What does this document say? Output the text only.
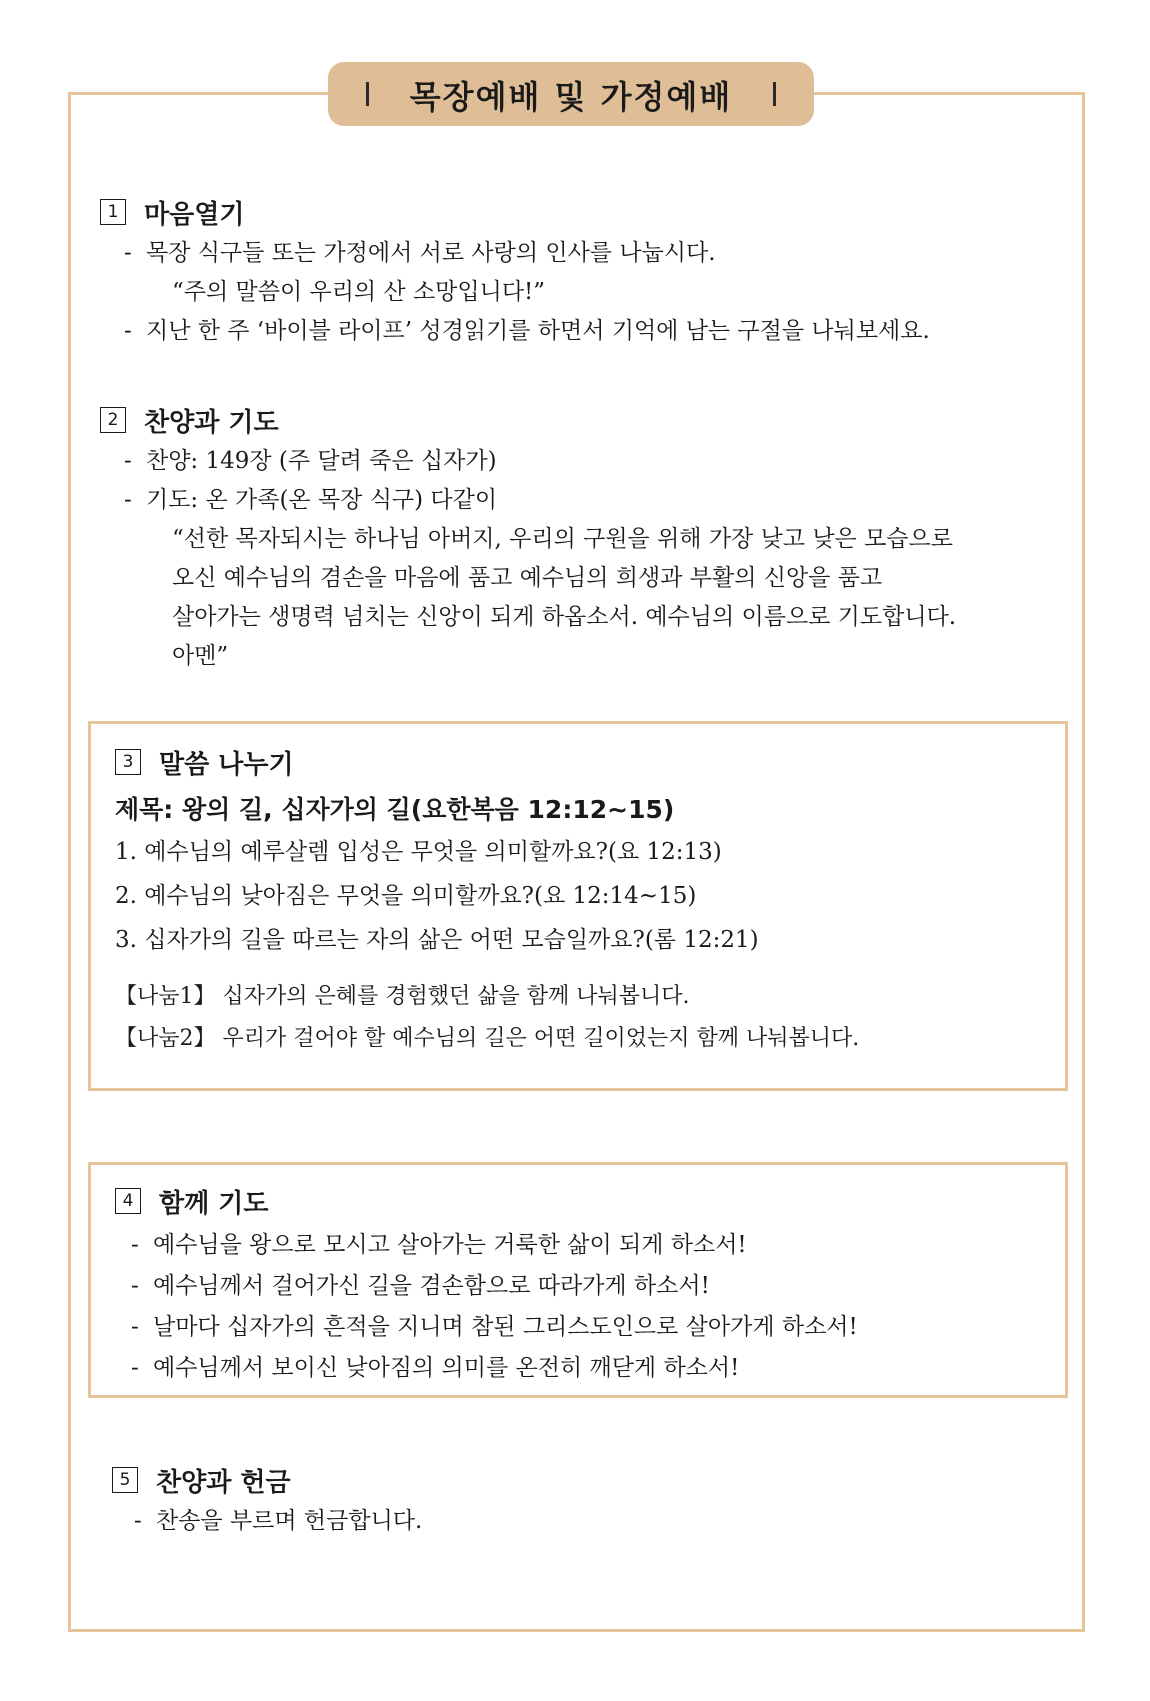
목장예배 및 가정예배
1 마음열기
- 목장 식구들 또는 가정에서 서로 사랑의 인사를 나눕시다.
“주의 말씀이 우리의 산 소망입니다!”
- 지난 한 주 ‘바이블 라이프’ 성경읽기를 하면서 기억에 남는 구절을 나눠보세요.
2 찬양과 기도
- 찬양: 149장 (주 달려 죽은 십자가)
- 기도: 온 가족(온 목장 식구) 다같이
“선한 목자되시는 하나님 아버지, 우리의 구원을 위해 가장 낮고 낮은 모습으로
오신 예수님의 겸손을 마음에 품고 예수님의 희생과 부활의 신앙을 품고
살아가는 생명력 넘치는 신앙이 되게 하옵소서. 예수님의 이름으로 기도합니다.
아멘”
3 말씀 나누기
제목: 왕의 길, 십자가의 길(요한복음 12:12~15)
1. 예수님의 예루살렘 입성은 무엇을 의미할까요?(요 12:13)
2. 예수님의 낮아짐은 무엇을 의미할까요?(요 12:14~15)
3. 십자가의 길을 따르는 자의 삶은 어떤 모습일까요?(롬 12:21)
【나눔1】 십자가의 은혜를 경험했던 삶을 함께 나눠봅니다.
【나눔2】 우리가 걸어야 할 예수님의 길은 어떤 길이었는지 함께 나눠봅니다.
4 함께 기도
- 예수님을 왕으로 모시고 살아가는 거룩한 삶이 되게 하소서!
- 예수님께서 걸어가신 길을 겸손함으로 따라가게 하소서!
- 날마다 십자가의 흔적을 지니며 참된 그리스도인으로 살아가게 하소서!
- 예수님께서 보이신 낮아짐의 의미를 온전히 깨닫게 하소서!
5 찬양과 헌금
- 찬송을 부르며 헌금합니다.
